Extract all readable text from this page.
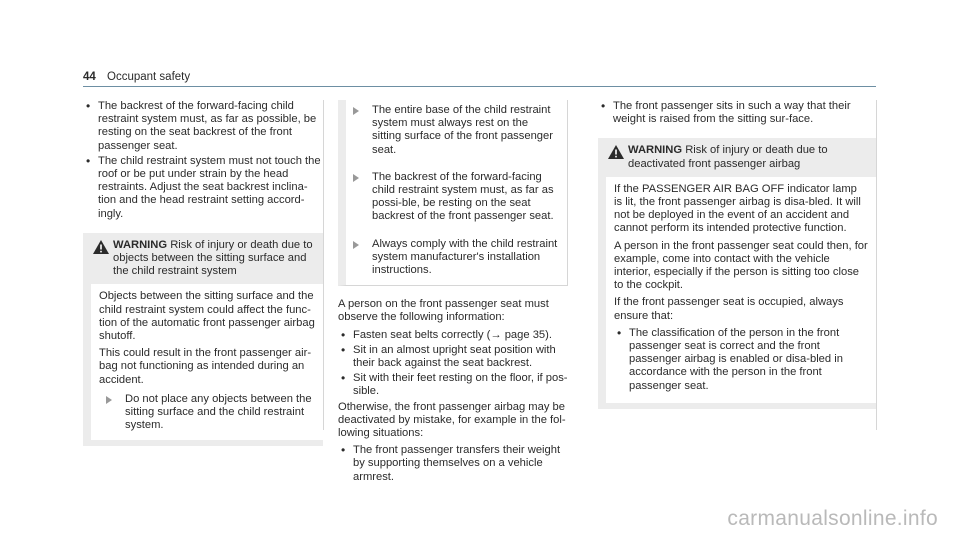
44 Occupant safety
• The backrest of the forward-facing child restraint system must, as far as possible, be resting on the seat backrest of the front passenger seat.
• The child restraint system must not touch the roof or be put under strain by the head restraints. Adjust the seat backrest inclina-tion and the head restraint setting accord-ingly.
WARNING Risk of injury or death due to objects between the sitting surface and the child restraint system

Objects between the sitting surface and the child restraint system could affect the func-tion of the automatic front passenger airbag shutoff.

This could result in the front passenger air-bag not functioning as intended during an accident.

Do not place any objects between the sitting surface and the child restraint system.
The entire base of the child restraint system must always rest on the sitting surface of the front passenger seat.
The backrest of the forward-facing child restraint system must, as far as possi-ble, be resting on the seat backrest of the front passenger seat.
Always comply with the child restraint system manufacturer's installation instructions.

A person on the front passenger seat must observe the following information:

• Fasten seat belts correctly (→ page 35).
• Sit in an almost upright seat position with their back against the seat backrest.
• Sit with their feet resting on the floor, if pos-sible.

Otherwise, the front passenger airbag may be deactivated by mistake, for example in the fol-lowing situations:

• The front passenger transfers their weight by supporting themselves on a vehicle armrest.
• The front passenger sits in such a way that their weight is raised from the sitting sur-face.
WARNING Risk of injury or death due to deactivated front passenger airbag

If the PASSENGER AIR BAG OFF indicator lamp is lit, the front passenger airbag is disa-bled. It will not be deployed in the event of an accident and cannot perform its intended protective function.

A person in the front passenger seat could then, for example, come into contact with the vehicle interior, especially if the person is sitting too close to the cockpit.

If the front passenger seat is occupied, always ensure that:

• The classification of the person in the front passenger seat is correct and the front passenger airbag is enabled or disa-bled in accordance with the person in the front passenger seat.
carmanualsonline.info
